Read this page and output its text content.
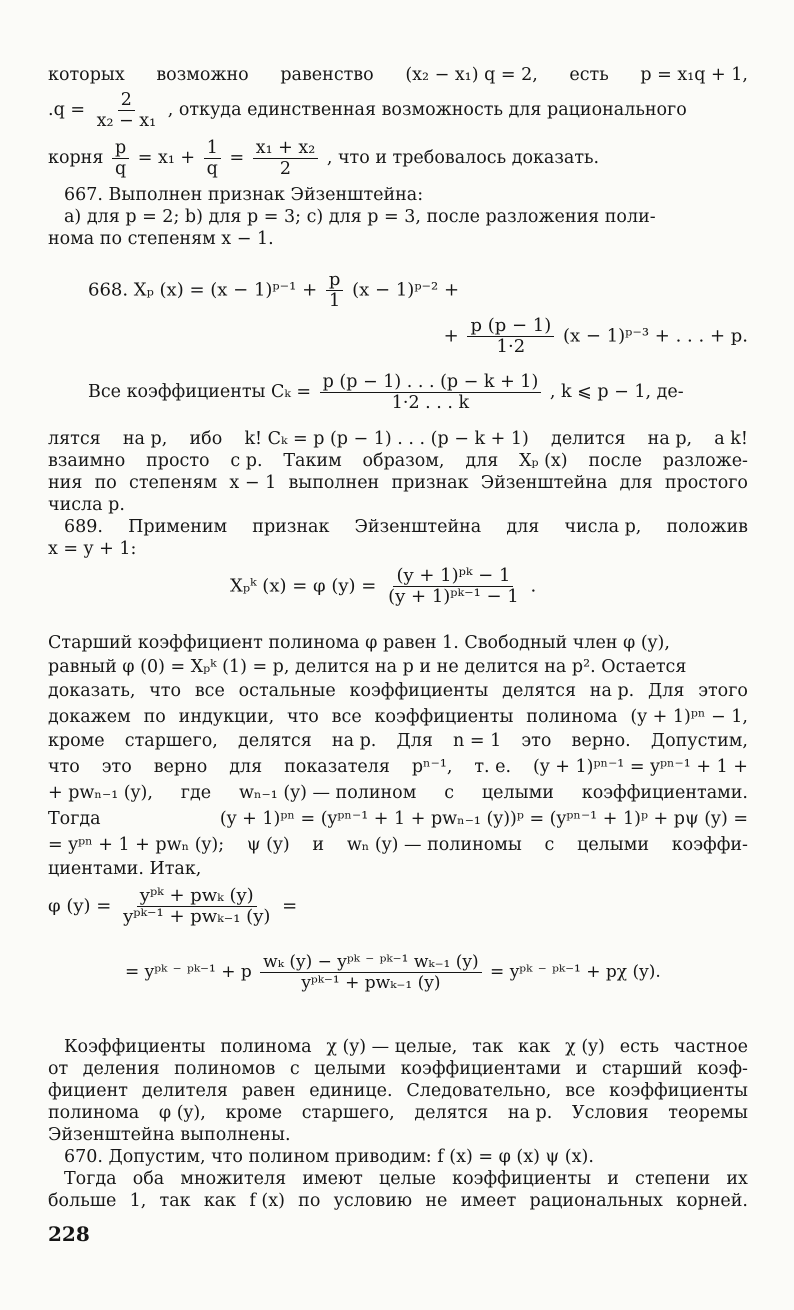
которых возможно равенство (x₂ − x₁) q = 2, есть p = x₁q + 1,
$.q = \frac{2}{\text{x₂ − x₁}}$ , откуда единственная возможность для рационального
корня $\frac{p}{q} = x_1 + \frac{1}{q} = \frac{\text{x₁ + x₂}}{2}$ , что и требовалось доказать.
667. Выполнен признак Эйзенштейна:
а) для p = 2; b) для p = 3; c) для p = 3, после разложения поли-
нома по степеням x − 1.
668. Xₚ (x) = (x − 1)ᵖ⁻¹ + $\frac{p}{1} (x$ − 1)ᵖ⁻² +
+ $\frac{p (p - 1)}{1\cdot 2} (x$ − 1)ᵖ⁻³ + . . . + p.
Все коэффициенты $C_k = \frac{p (p - 1) . . . (p - k + 1)}{1\cdot 2 . . . k}$ , k ⩽ p − 1, де-
лятся на p, ибо k! Cₖ = p (p − 1) . . . (p − k + 1) делится на p, а k!
взаимно просто с p. Таким образом, для Xₚ (x) после разложе-
ния по степеням x − 1 выполнен признак Эйзенштейна для простого
числа p.
689. Применим признак Эйзенштейна для числа p, положив
x = y + 1:
Xₚᵏ (x) = φ $(y) = \frac{\text{(y + 1)ᵖᵏ − 1}}{\text{(y + 1)ᵖᵏ⁻¹ − 1}}$ .
Старший коэффициент полинома φ равен 1. Свободный член φ (y),
равный φ (0) = Xₚᵏ (1) = p, делится на p и не делится на p². Остается
доказать, что все остальные коэффициенты делятся на p. Для этого
докажем по индукции, что все коэффициенты полинома (y + 1)ᵖⁿ − 1,
кроме старшего, делятся на p. Для n = 1 это верно. Допустим,
что это верно для показателя pⁿ⁻¹, т. е. (y + 1)ᵖⁿ⁻¹ = yᵖⁿ⁻¹ + 1 +
+ pwₙ₋₁ (y), где wₙ₋₁ (y) — полином с целыми коэффициентами.
Тогда	(y + 1)ᵖⁿ = (yᵖⁿ⁻¹ + 1 + pwₙ₋₁ (y))ᵖ = (yᵖⁿ⁻¹ + 1)ᵖ + pψ (y) =
= yᵖⁿ + 1 + pwₙ (y); ψ (y) и wₙ (y) — полиномы с целыми коэффи-
циентами. Итак,
φ $(y) = \frac{\text{yᵖᵏ + pwₖ (y)}}{\text{yᵖᵏ⁻¹ + pwₖ₋₁ (y)}}$ =
= yᵖᵏ ⁻ ᵖᵏ⁻¹ + p $\frac{\text{wₖ (y) − yᵖᵏ ⁻ ᵖᵏ⁻¹ wₖ₋₁ (y)}}{\text{yᵖᵏ⁻¹ + pwₖ₋₁ (y)}}$ = yᵖᵏ ⁻ ᵖᵏ⁻¹ + pχ (y).
Коэффициенты полинома χ (y) — целые, так как χ (y) есть частное
от деления полиномов с целыми коэффициентами и старший коэф-
фициент делителя равен единице. Следовательно, все коэффициенты
полинома φ (y), кроме старшего, делятся на p. Условия теоремы
Эйзенштейна выполнены.
670. Допустим, что полином приводим: f (x) = φ (x) ψ (x).
Тогда оба множителя имеют целые коэффициенты и степени их
больше 1, так как f (x) по условию не имеет рациональных корней.
228
